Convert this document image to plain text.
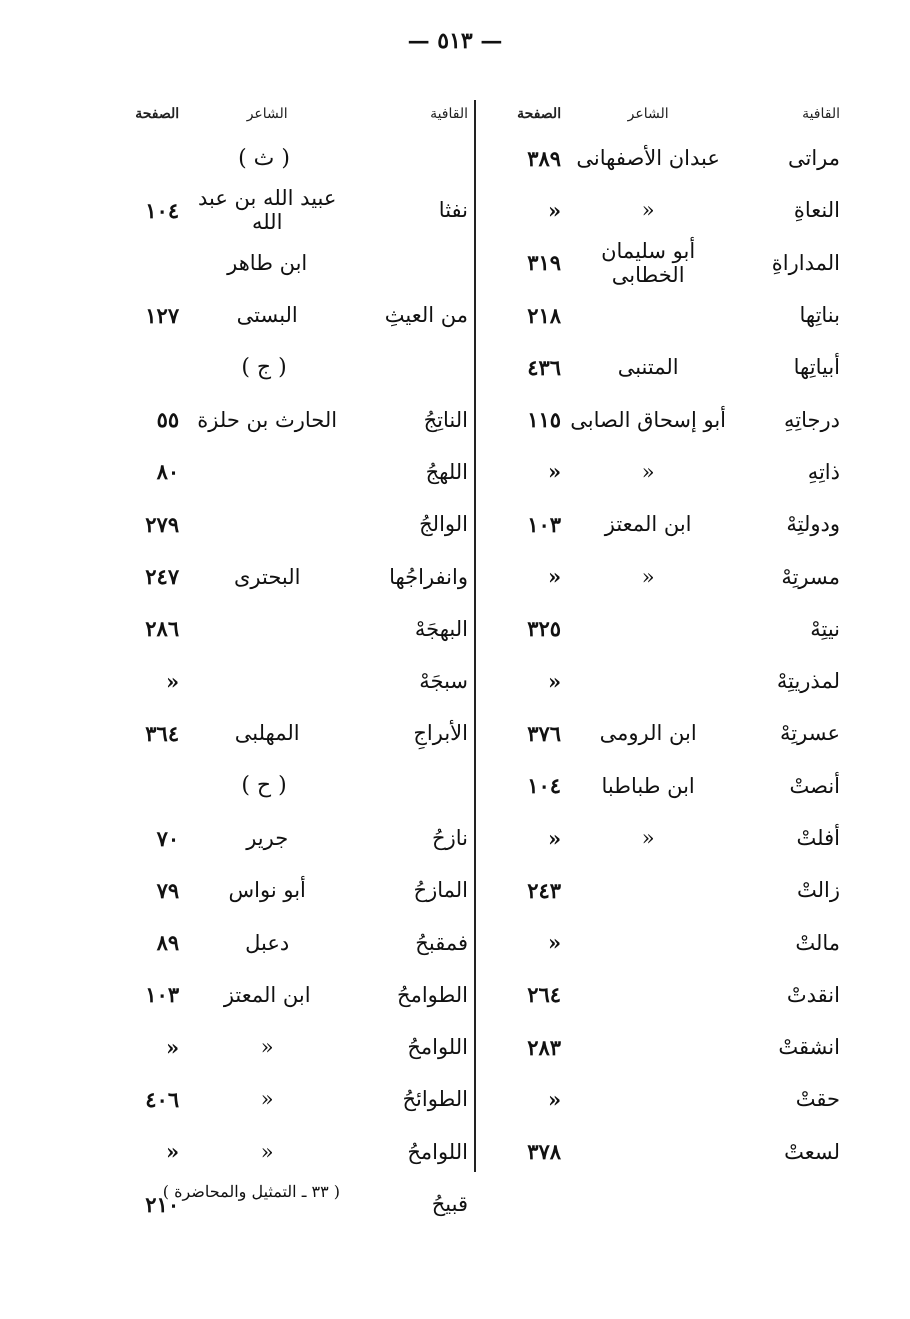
— ٥١٣ —
القافية
الشاعر
الصفحة
مراتی
عبدان الأصفهانی
٣٨٩
النعاةِ
«
«
المداراةِ
أبو سليمان الخطابی
٣١٩
بناتِها
٢١٨
أبياتِها
المتنبی
٤٣٦
درجاتِهِ
أبو إسحاق الصابی
١١٥
ذاتِهِ
«
«
ودولتِهْ
ابن المعتز
١٠٣
مسرتِهْ
«
«
نيتِهْ
٣٢٥
لمذريتِهْ
«
عسرتِهْ
ابن الرومی
٣٧٦
أنصتْ
ابن طباطبا
١٠٤
أفلتْ
«
«
زالتْ
٢٤٣
مالتْ
«
انقدتْ
٢٦٤
انشقتْ
٢٨٣
حقتْ
«
لسعتْ
٣٧٨
القافية
الشاعر
الصفحة
( ث )
نفثا
عبيد الله بن عبد الله
١٠٤
ابن طاهر
من العيثِ
البستی
١٢٧
( ج )
الناتِجُ
الحارث بن حلزة
٥٥
اللهجُ
٨٠
الوالجُ
٢٧٩
وانفراجُها
البحتری
٢٤٧
البهجَهْ
٢٨٦
سبجَهْ
«
الأبراجِ
المهلبی
٣٦٤
( ح )
نازحُ
جرير
٧٠
المازحُ
أبو نواس
٧٩
فمقبحُ
دعبل
٨٩
الطوامحُ
ابن المعتز
١٠٣
اللوامحُ
«
«
الطوائحُ
«
٤٠٦
اللوامحُ
«
«
قبيحُ
٢١٠
( ٣٣ ـ التمثيل والمحاضرة )
